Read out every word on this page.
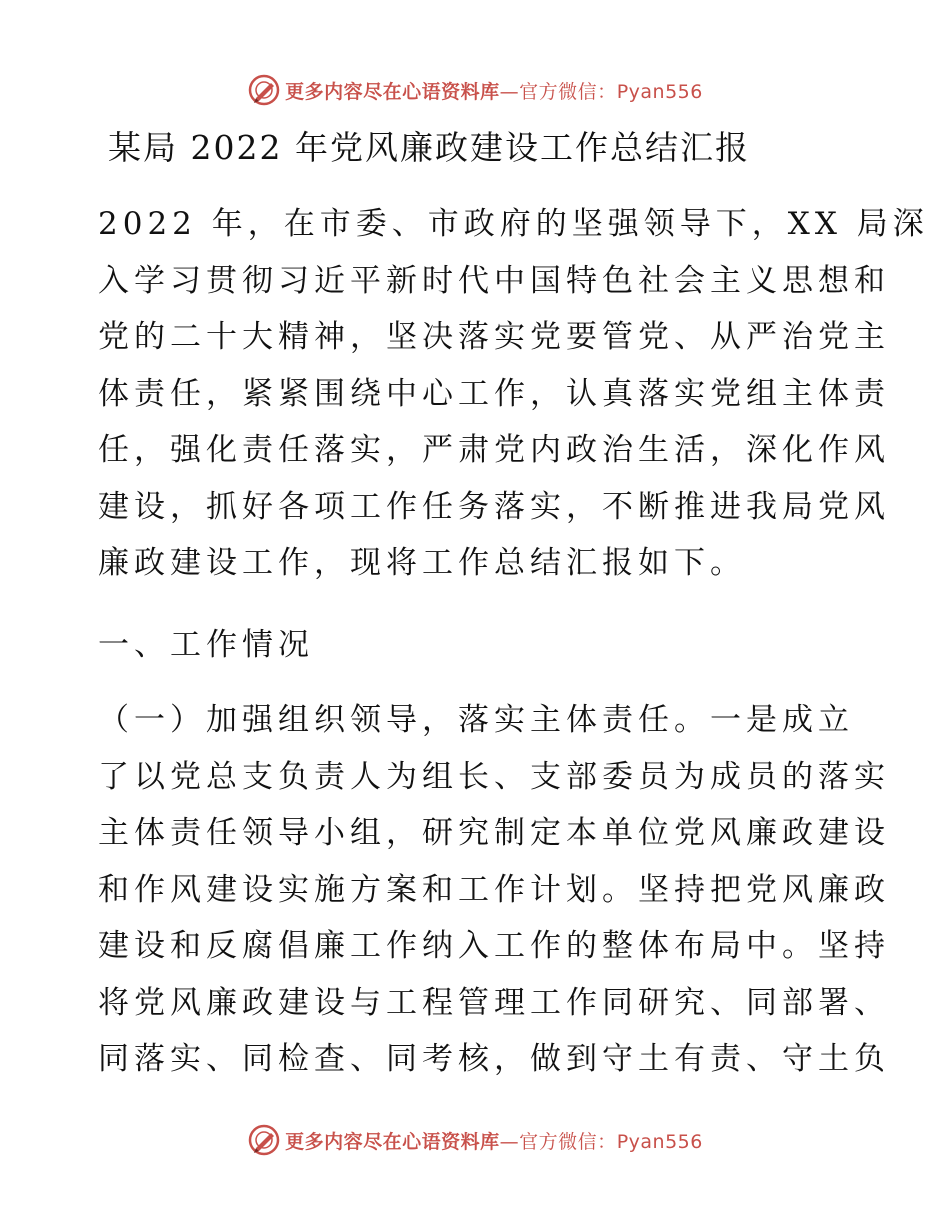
更多内容尽在心语资料库—官方微信：Pyan556
某局 2022 年党风廉政建设工作总结汇报

2022 年，在市委、市政府的坚强领导下，XX 局深
入学习贯彻习近平新时代中国特色社会主义思想和
党的二十大精神，坚决落实党要管党、从严治党主
体责任，紧紧围绕中心工作，认真落实党组主体责
任，强化责任落实，严肃党内政治生活，深化作风
建设，抓好各项工作任务落实，不断推进我局党风
廉政建设工作，现将工作总结汇报如下。

一、工作情况

（一）加强组织领导，落实主体责任。一是成立
了以党总支负责人为组长、支部委员为成员的落实
主体责任领导小组，研究制定本单位党风廉政建设
和作风建设实施方案和工作计划。坚持把党风廉政
建设和反腐倡廉工作纳入工作的整体布局中。坚持
将党风廉政建设与工程管理工作同研究、同部署、
同落实、同检查、同考核，做到守土有责、守土负

更多内容尽在心语资料库—官方微信：Pyan556
